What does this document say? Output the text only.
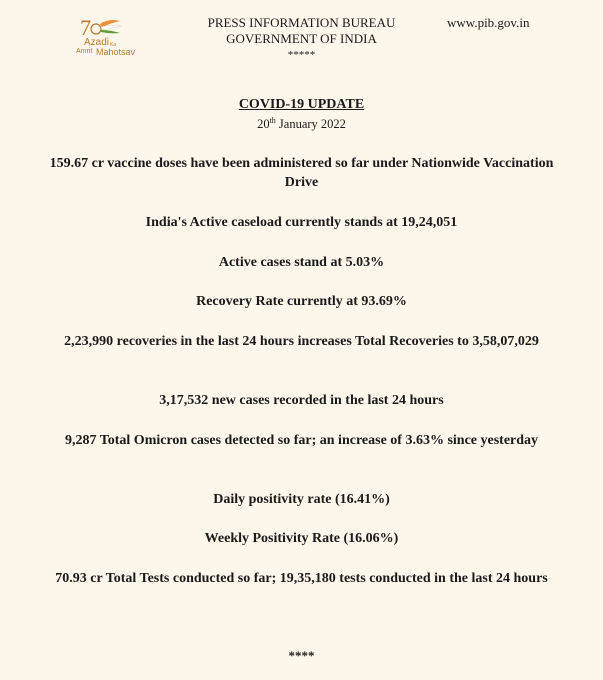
7
Azadi Ka
Amrit Mahotsav
PRESS INFORMATION BUREAU
GOVERNMENT OF INDIA
*****
www.pib.gov.in
COVID-19 UPDATE
20th January 2022
159.67 cr vaccine doses have been administered so far under Nationwide Vaccination Drive
India's Active caseload currently stands at 19,24,051
Active cases stand at 5.03%
Recovery Rate currently at 93.69%
2,23,990 recoveries in the last 24 hours increases Total Recoveries to 3,58,07,029
3,17,532 new cases recorded in the last 24 hours
9,287 Total Omicron cases detected so far; an increase of 3.63% since yesterday
Daily positivity rate (16.41%)
Weekly Positivity Rate (16.06%)
70.93 cr Total Tests conducted so far; 19,35,180 tests conducted in the last 24 hours
****
